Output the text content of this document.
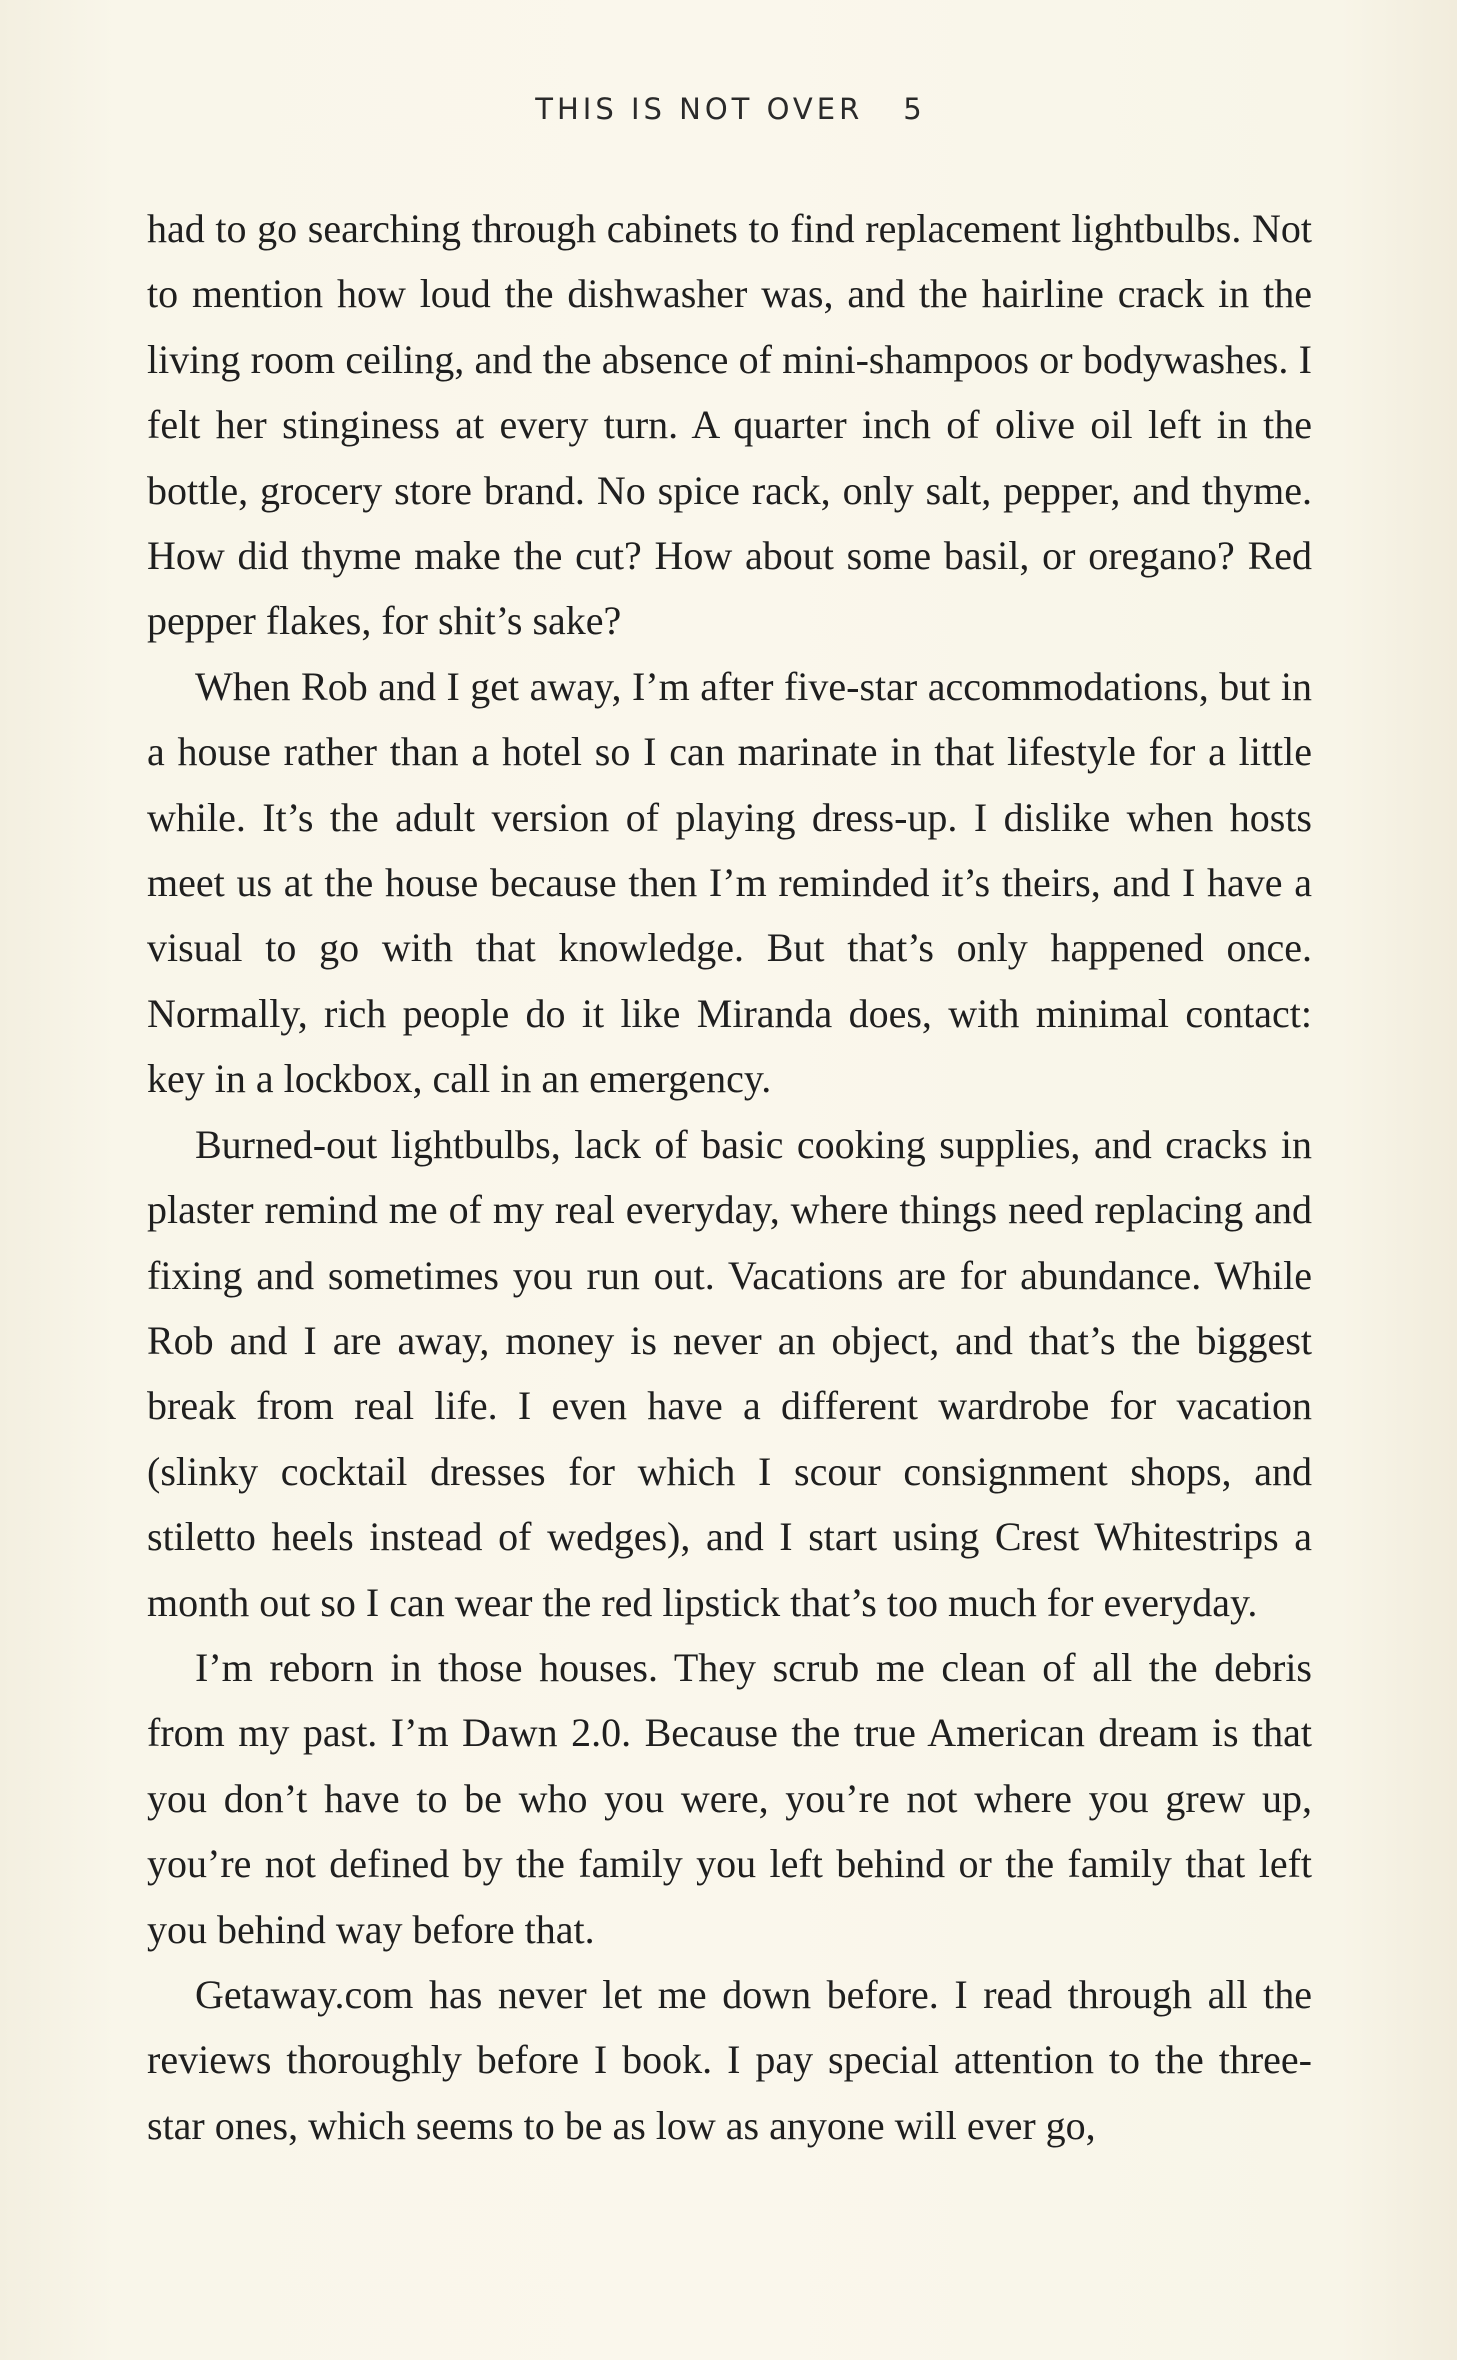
THIS IS NOT OVER 5

had to go searching through cabinets to find replacement lightbulbs. Not to mention how loud the dishwasher was, and the hairline crack in the living room ceiling, and the absence of mini-shampoos or bodywashes. I felt her stinginess at every turn. A quarter inch of olive oil left in the bottle, grocery store brand. No spice rack, only salt, pepper, and thyme. How did thyme make the cut? How about some basil, or oregano? Red pepper flakes, for shit’s sake?

When Rob and I get away, I’m after five-star accommodations, but in a house rather than a hotel so I can marinate in that lifestyle for a little while. It’s the adult version of playing dress-up. I dislike when hosts meet us at the house because then I’m reminded it’s theirs, and I have a visual to go with that knowledge. But that’s only happened once. Normally, rich people do it like Miranda does, with minimal contact: key in a lockbox, call in an emergency.

Burned-out lightbulbs, lack of basic cooking supplies, and cracks in plaster remind me of my real everyday, where things need replacing and fixing and sometimes you run out. Vacations are for abundance. While Rob and I are away, money is never an object, and that’s the biggest break from real life. I even have a different wardrobe for vacation (slinky cocktail dresses for which I scour consignment shops, and stiletto heels instead of wedges), and I start using Crest Whitestrips a month out so I can wear the red lipstick that’s too much for everyday.

I’m reborn in those houses. They scrub me clean of all the debris from my past. I’m Dawn 2.0. Because the true American dream is that you don’t have to be who you were, you’re not where you grew up, you’re not defined by the family you left behind or the family that left you behind way before that.

Getaway.com has never let me down before. I read through all the reviews thoroughly before I book. I pay special attention to the three-star ones, which seems to be as low as anyone will ever go,
